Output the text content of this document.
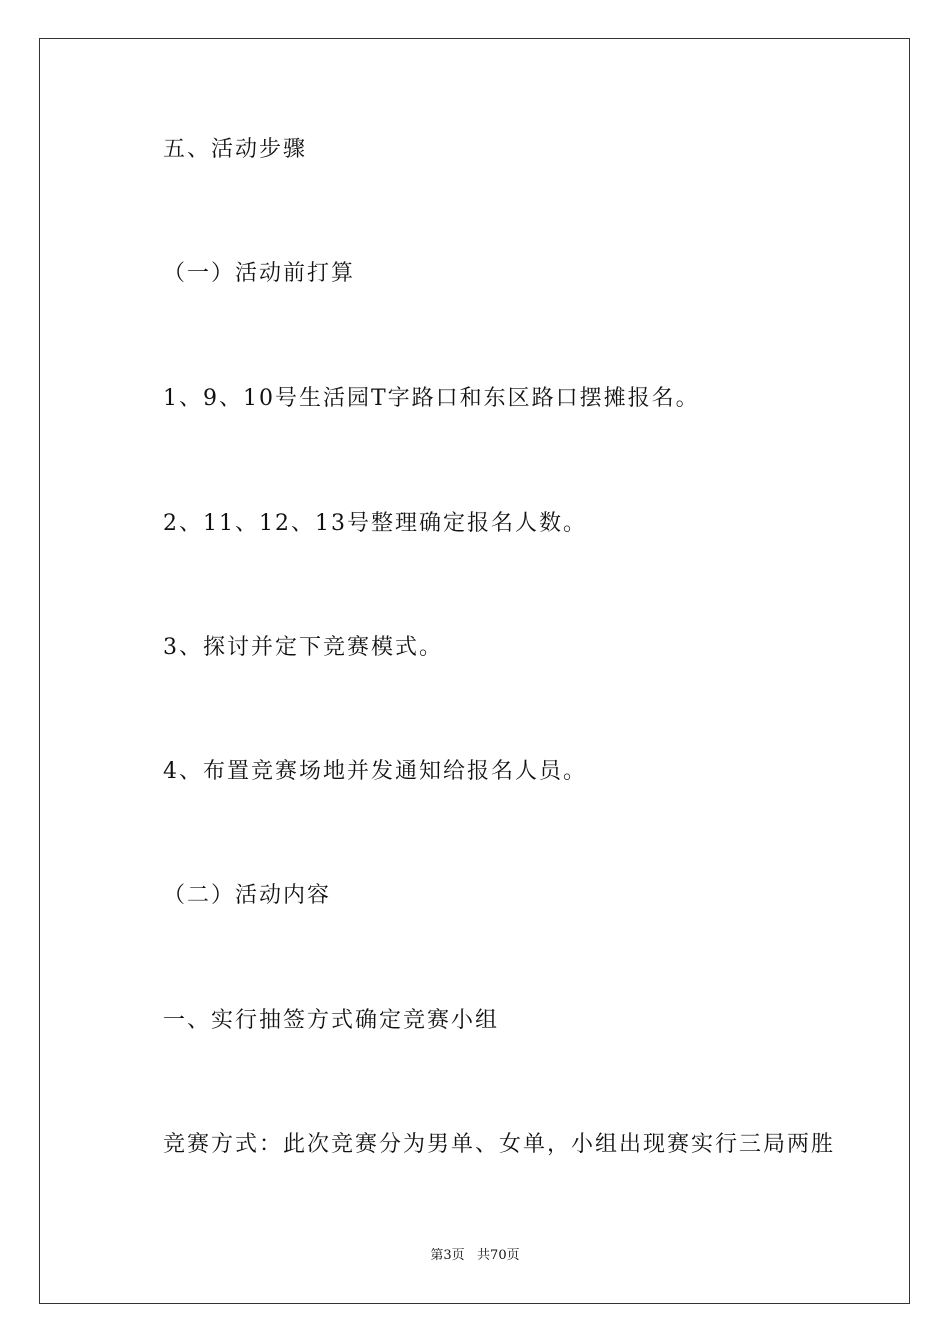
五、活动步骤
（一）活动前打算
1、9、10号生活园T字路口和东区路口摆摊报名。
2、11、12、13号整理确定报名人数。
3、探讨并定下竞赛模式。
4、布置竞赛场地并发通知给报名人员。
（二）活动内容
一、实行抽签方式确定竞赛小组
竞赛方式：此次竞赛分为男单、女单，小组出现赛实行三局两胜
第3页   共70页
